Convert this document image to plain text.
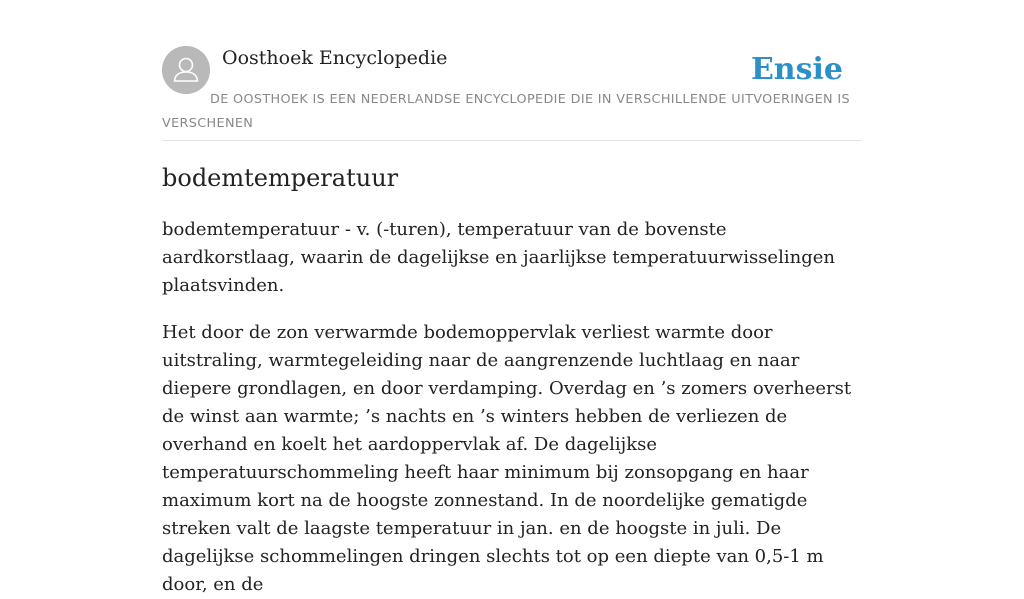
Oosthoek Encyclopedie	Ensie
DE OOSTHOEK IS EEN NEDERLANDSE ENCYCLOPEDIE DIE IN VERSCHILLENDE UITVOERINGEN IS VERSCHENEN
bodemtemperatuur

bodemtemperatuur - v. (-turen), temperatuur van de bovenste aardkorstlaag, waarin de dagelijkse en jaarlijkse temperatuurwisselingen plaatsvinden.

Het door de zon verwarmde bodemoppervlak verliest warmte door uitstraling, warmtegeleiding naar de aangrenzende luchtlaag en naar diepere grondlagen, en door verdamping. Overdag en ’s zomers overheerst de winst aan warmte; ’s nachts en ’s winters hebben de verliezen de overhand en koelt het aardoppervlak af. De dagelijkse temperatuurschommeling heeft haar minimum bij zonsopgang en haar maximum kort na de hoogste zonnestand. In de noordelijke gematigde streken valt de laagste temperatuur in jan. en de hoogste in juli. De dagelijkse schommelingen dringen slechts tot op een diepte van 0,5-1 m door, en de
